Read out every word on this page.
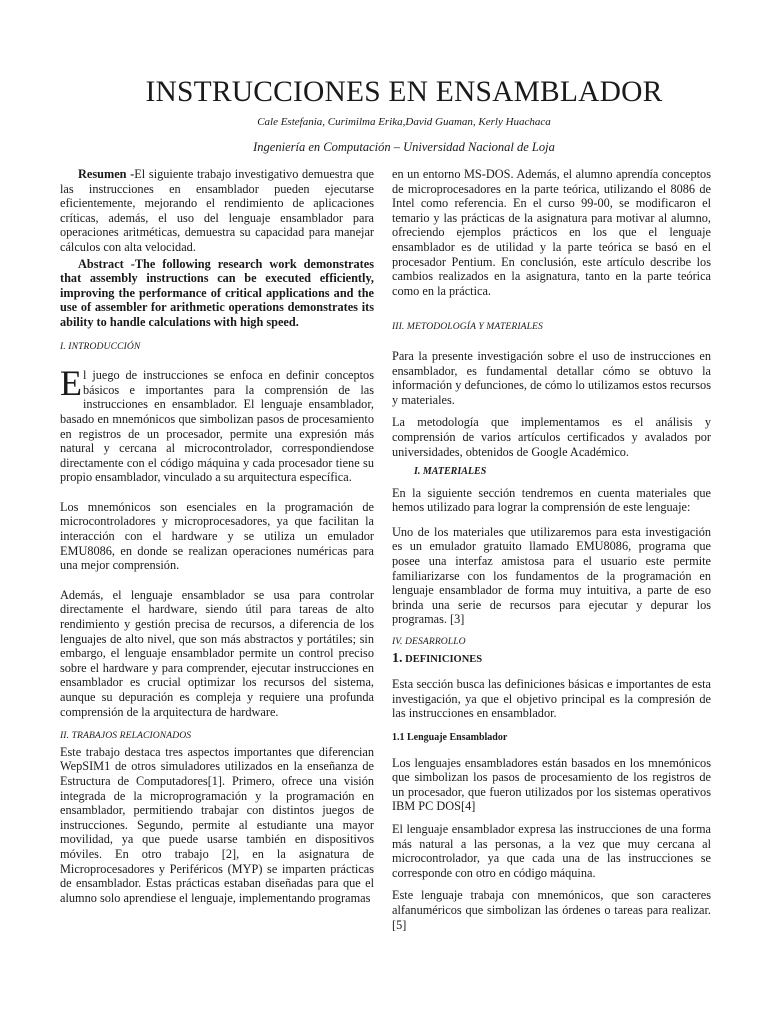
INSTRUCCIONES EN ENSAMBLADOR

Cale Estefania, Curimilma Erika,David Guaman, Kerly Huachaca

Ingeniería en Computación – Universidad Nacional de Loja

Resumen -El siguiente trabajo investigativo demuestra que las instrucciones en ensamblador pueden ejecutarse eficientemente, mejorando el rendimiento de aplicaciones críticas, además, el uso del lenguaje ensamblador para operaciones aritméticas, demuestra su capacidad para manejar cálculos con alta velocidad.

Abstract -The following research work demonstrates that assembly instructions can be executed efficiently, improving the performance of critical applications and the use of assembler for arithmetic operations demonstrates its ability to handle calculations with high speed.

I. INTRODUCCIÓN

El juego de instrucciones se enfoca en definir conceptos básicos e importantes para la comprensión de las instrucciones en ensamblador. El lenguaje ensamblador, basado en mnemónicos que simbolizan pasos de procesamiento en registros de un procesador, permite una expresión más natural y cercana al microcontrolador, correspondiendose directamente con el código máquina y cada procesador tiene su propio ensamblador, vinculado a su arquitectura específica.

Los mnemónicos son esenciales en la programación de microcontroladores y microprocesadores, ya que facilitan la interacción con el hardware y se utiliza un emulador EMU8086, en donde se realizan operaciones numéricas para una mejor comprensión.

Además, el lenguaje ensamblador se usa para controlar directamente el hardware, siendo útil para tareas de alto rendimiento y gestión precisa de recursos, a diferencia de los lenguajes de alto nivel, que son más abstractos y portátiles; sin embargo, el lenguaje ensamblador permite un control preciso sobre el hardware y para comprender, ejecutar instrucciones en ensamblador es crucial optimizar los recursos del sistema, aunque su depuración es compleja y requiere una profunda comprensión de la arquitectura de hardware.

II. TRABAJOS RELACIONADOS

Este trabajo destaca tres aspectos importantes que diferencian WepSIM1 de otros simuladores utilizados en la enseñanza de Estructura de Computadores[1]. Primero, ofrece una visión integrada de la microprogramación y la programación en ensamblador, permitiendo trabajar con distintos juegos de instrucciones. Segundo, permite al estudiante una mayor movilidad, ya que puede usarse también en dispositivos móviles. En otro trabajo [2], en la asignatura de Microprocesadores y Periféricos (MYP) se imparten prácticas de ensamblador. Estas prácticas estaban diseñadas para que el alumno solo aprendiese el lenguaje, implementando programas

en un entorno MS-DOS. Además, el alumno aprendía conceptos de microprocesadores en la parte teórica, utilizando el 8086 de Intel como referencia. En el curso 99-00, se modificaron el temario y las prácticas de la asignatura para motivar al alumno, ofreciendo ejemplos prácticos en los que el lenguaje ensamblador es de utilidad y la parte teórica se basó en el procesador Pentium. En conclusión, este artículo describe los cambios realizados en la asignatura, tanto en la parte teórica como en la práctica.

III. METODOLOGÍA Y MATERIALES

Para la presente investigación sobre el uso de instrucciones en ensamblador, es fundamental detallar cómo se obtuvo la información y defunciones, de cómo lo utilizamos estos recursos y materiales.

La metodología que implementamos es el análisis y comprensión de varios artículos certificados y avalados por universidades, obtenidos de Google Académico.

I. MATERIALES

En la siguiente sección tendremos en cuenta materiales que hemos utilizado para lograr la comprensión de este lenguaje:

Uno de los materiales que utilizaremos para esta investigación es un emulador gratuito llamado EMU8086, programa que posee una interfaz amistosa para el usuario este permite familiarizarse con los fundamentos de la programación en lenguaje ensamblador de forma muy intuitiva, a parte de eso brinda una serie de recursos para ejecutar y depurar los programas. [3]

IV. DESARROLLO

1. DEFINICIONES

Esta sección busca las definiciones básicas e importantes de esta investigación, ya que el objetivo principal es la compresión de las instrucciones en ensamblador.

1.1 Lenguaje Ensamblador

Los lenguajes ensambladores están basados en los mnemónicos que simbolizan los pasos de procesamiento de los registros de un procesador, que fueron utilizados por los sistemas operativos IBM PC DOS[4]

El lenguaje ensamblador expresa las instrucciones de una forma más natural a las personas, a la vez que muy cercana al microcontrolador, ya que cada una de las instrucciones se corresponde con otro en código máquina.

Este lenguaje trabaja con mnemónicos, que son caracteres alfanuméricos que simbolizan las órdenes o tareas para realizar.[5]
